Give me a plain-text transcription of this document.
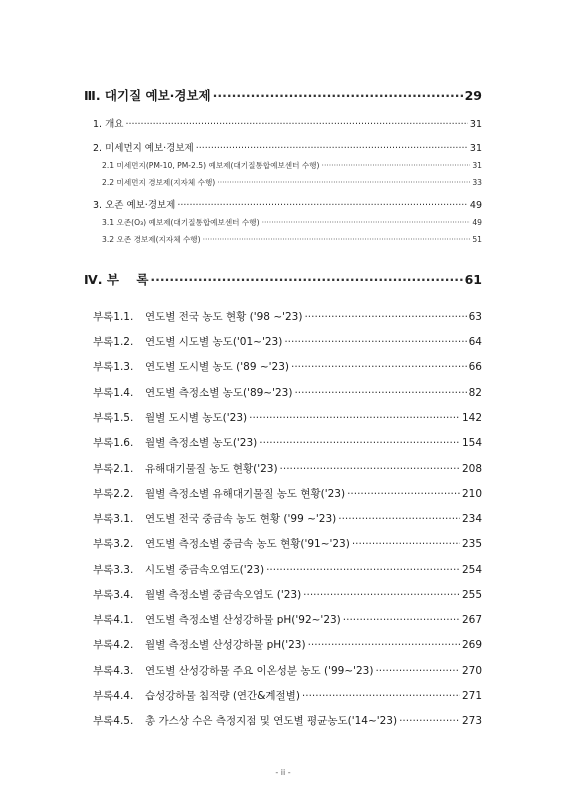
Ⅲ. 대기질 예보·경보제 ·····	29
1. 개요 ·····	31
2. 미세먼지 예보·경보제 ·····	31
2.1 미세먼지(PM-10, PM-2.5) 예보제(대기질통합예보센터 수행) ·····	31
2.2 미세먼지 경보제(지자체 수행) ·····	33
3. 오존 예보·경보제 ·····	49
3.1 오존(O₃) 예보제(대기질통합예보센터 수행) ·····	49
3.2 오존 경보제(지자체 수행) ·····	51
Ⅳ. 부    록 ·····	61
부록1.1. 연도별 전국 농도 현황 ('98 ~'23) ·····	63
부록1.2. 연도별 시도별 농도('01~'23) ·····	64
부록1.3. 연도별 도시별 농도 ('89 ~'23) ·····	66
부록1.4. 연도별 측정소별 농도('89~'23) ·····	82
부록1.5. 월별 도시별 농도('23) ·····	142
부록1.6. 월별 측정소별 농도('23) ·····	154
부록2.1. 유해대기물질 농도 현황('23) ·····	208
부록2.2. 월별 측정소별 유해대기물질 농도 현황('23) ·····	210
부록3.1. 연도별 전국 중금속 농도 현황 ('99 ~'23) ·····	234
부록3.2. 연도별 측정소별 중금속 농도 현황('91~'23) ·····	235
부록3.3. 시도별 중금속오염도('23) ·····	254
부록3.4. 월별 측정소별 중금속오염도 ('23) ·····	255
부록4.1. 연도별 측정소별 산성강하물 pH('92~'23) ·····	267
부록4.2. 월별 측정소별 산성강하물 pH('23) ·····	269
부록4.3. 연도별 산성강하물 주요 이온성분 농도 ('99~'23) ·····	270
부록4.4. 습성강하물 침적량 (연간&계절별) ·····	271
부록4.5. 총 가스상 수은 측정지점 및 연도별 평균농도('14~'23) ·····	273
- ii -
